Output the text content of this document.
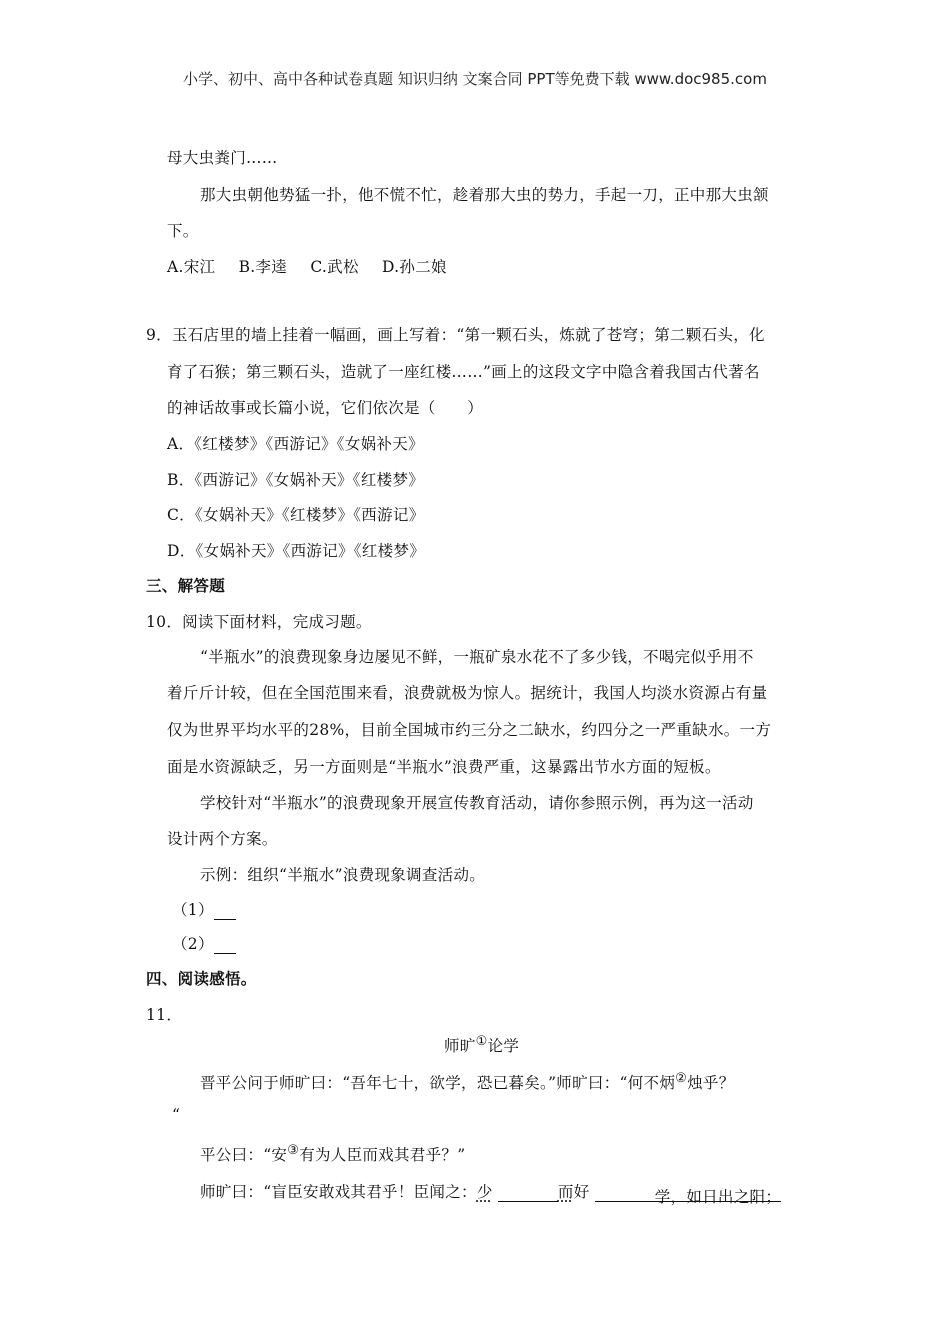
小学、初中、高中各种试卷真题 知识归纳 文案合同 PPT等免费下载 www.doc985.com
母大虫粪门……
那大虫朝他势猛一扑，他不慌不忙，趁着那大虫的势力，手起一刀，正中那大虫颔
下。
A.宋江 B.李逵 C.武松 D.孙二娘
9．玉石店里的墙上挂着一幅画，画上写着：“第一颗石头，炼就了苍穹；第二颗石头，化
育了石猴；第三颗石头，造就了一座红楼……”画上的这段文字中隐含着我国古代著名
的神话故事或长篇小说，它们依次是（　　）
A．《红楼梦》《西游记》《女娲补天》
B．《西游记》《女娲补天》《红楼梦》
C．《女娲补天》《红楼梦》《西游记》
D．《女娲补天》《西游记》《红楼梦》
三、解答题
10．阅读下面材料，完成习题。
“半瓶水”的浪费现象身边屡见不鲜，一瓶矿泉水花不了多少钱，不喝完似乎用不
着斤斤计较，但在全国范围来看，浪费就极为惊人。据统计，我国人均淡水资源占有量
仅为世界平均水平的28%，目前全国城市约三分之二缺水，约四分之一严重缺水。一方
面是水资源缺乏，另一方面则是“半瓶水”浪费严重，这暴露出节水方面的短板。
学校针对“半瓶水”的浪费现象开展宣传教育活动，请你参照示例，再为这一活动
设计两个方案。
示例：组织“半瓶水”浪费现象调查活动。
（1）
（2）
四、阅读感悟。
11．
师旷①论学
晋平公问于师旷曰：“吾年七十，欲学，恐已暮矣。”师旷曰：“何不炳②烛乎？
“
平公曰：“安③有为人臣而戏其君乎？”
师旷曰：“盲臣安敢戏其君乎！臣闻之：少	而好	学，如日出之阳；
